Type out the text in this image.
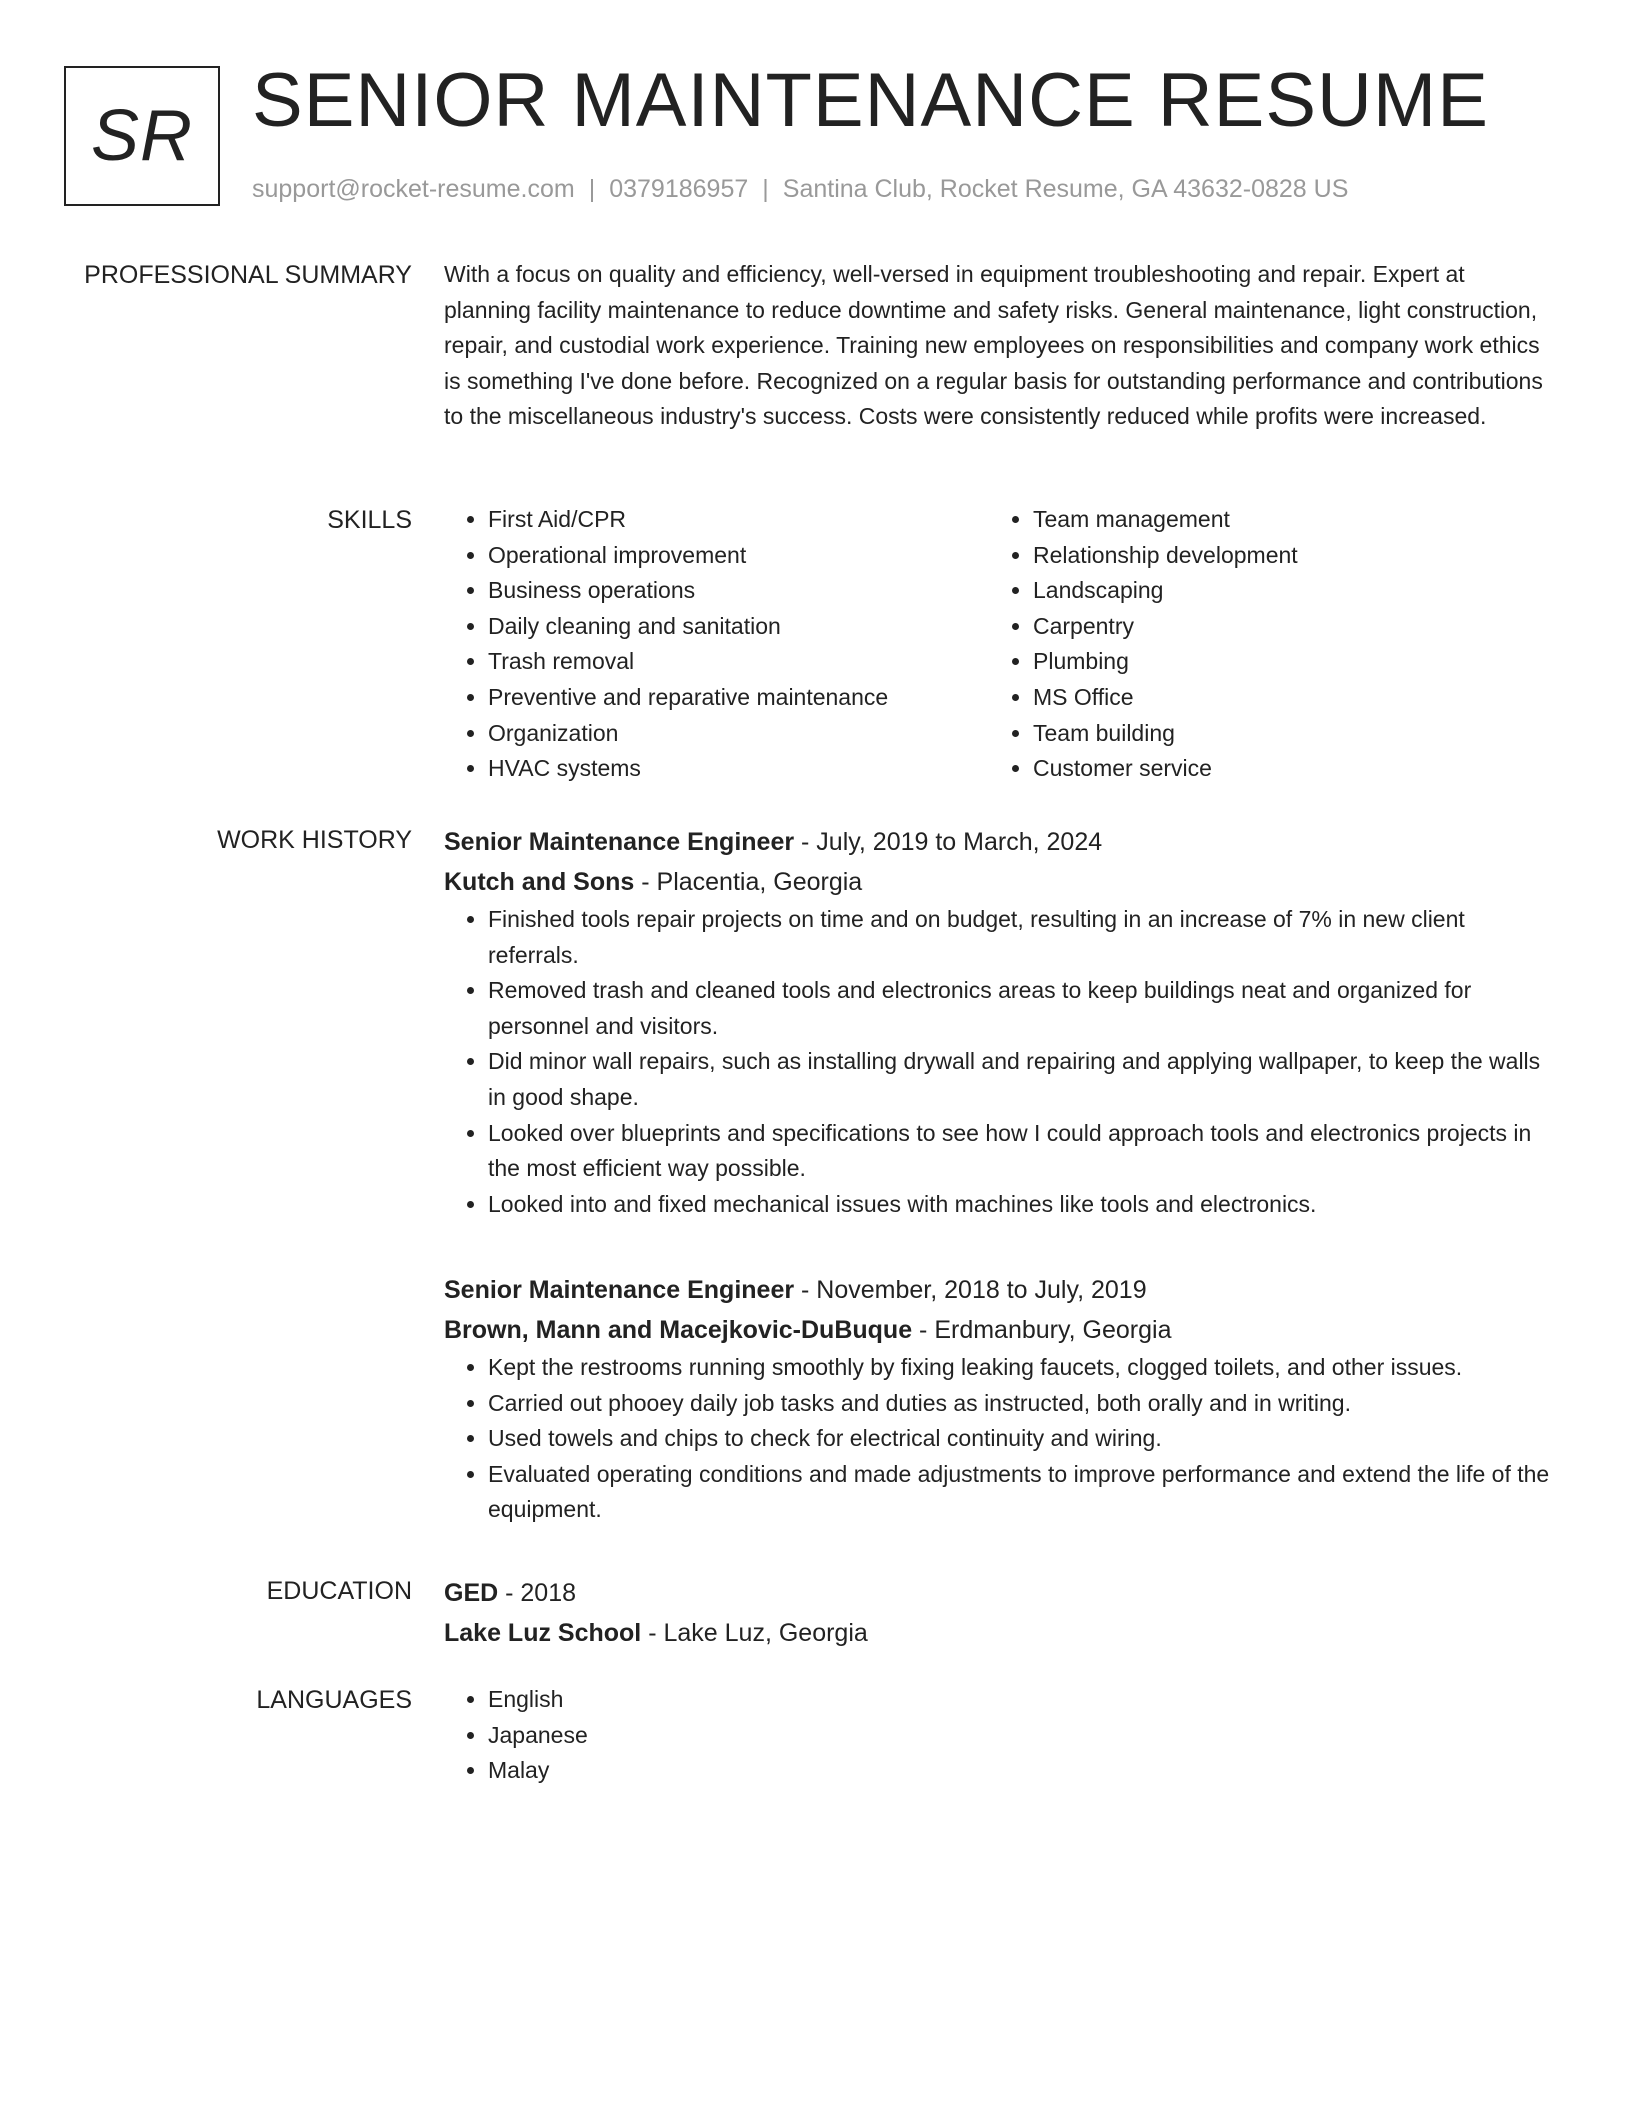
SR SENIOR MAINTENANCE RESUME
support@rocket-resume.com | 0379186957 | Santina Club, Rocket Resume, GA 43632-0828 US
PROFESSIONAL SUMMARY With a focus on quality and efficiency, well-versed in equipment troubleshooting and repair. Expert at planning facility maintenance to reduce downtime and safety risks. General maintenance, light construction, repair, and custodial work experience. Training new employees on responsibilities and company work ethics is something I've done before. Recognized on a regular basis for outstanding performance and contributions to the miscellaneous industry's success. Costs were consistently reduced while profits were increased.

SKILLS	• First Aid/CPR
• Operational improvement
• Business operations
• Daily cleaning and sanitation
• Trash removal
• Preventive and reparative maintenance
• Organization
• HVAC systems
• Team management
• Relationship development
• Landscaping
• Carpentry
• Plumbing
• MS Office
• Team building
• Customer service
WORK HISTORY Senior Maintenance Engineer - July, 2019 to March, 2024
Kutch and Sons - Placentia, Georgia
• Finished tools repair projects on time and on budget, resulting in an increase of 7% in new client referrals.
• Removed trash and cleaned tools and electronics areas to keep buildings neat and organized for personnel and visitors.
• Did minor wall repairs, such as installing drywall and repairing and applying wallpaper, to keep the walls in good shape.
• Looked over blueprints and specifications to see how I could approach tools and electronics projects in the most efficient way possible.
• Looked into and fixed mechanical issues with machines like tools and electronics.
Senior Maintenance Engineer - November, 2018 to July, 2019
Brown, Mann and Macejkovic-DuBuque - Erdmanbury, Georgia
• Kept the restrooms running smoothly by fixing leaking faucets, clogged toilets, and other issues.
• Carried out phooey daily job tasks and duties as instructed, both orally and in writing.
• Used towels and chips to check for electrical continuity and wiring.
• Evaluated operating conditions and made adjustments to improve performance and extend the life of the equipment.
EDUCATION GED - 2018
Lake Luz School - Lake Luz, Georgia
LANGUAGES	• English
• Japanese
• Malay
